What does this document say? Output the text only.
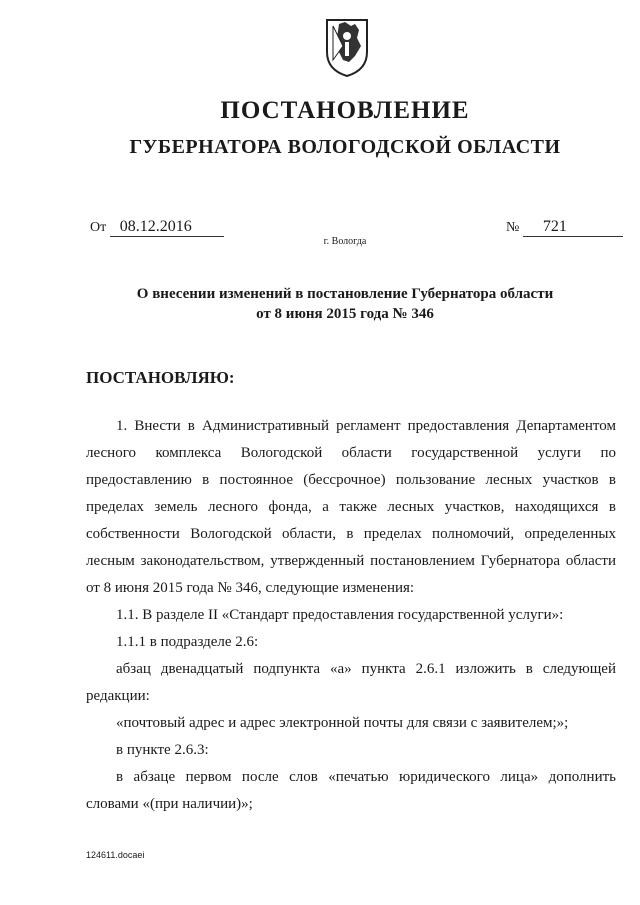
ПОСТАНОВЛЕНИЕ
ГУБЕРНАТОРА ВОЛОГОДСКОЙ ОБЛАСТИ
От 08.12.2016	№ 721
г. Вологда
О внесении изменений в постановление Губернатора области
от 8 июня 2015 года № 346
ПОСТАНОВЛЯЮ:

1. Внести в Административный регламент предоставления Департаментом лесного комплекса Вологодской области государственной услуги по предоставлению в постоянное (бессрочное) пользование лесных участков в пределах земель лесного фонда, а также лесных участков, находящихся в собственности Вологодской области, в пределах полномочий, определенных лесным законодательством, утвержденный постановлением Губернатора области от 8 июня 2015 года № 346, следующие изменения:

1.1. В разделе II «Стандарт предоставления государственной услуги»:

1.1.1 в подразделе 2.6:

абзац двенадцатый подпункта «а» пункта 2.6.1 изложить в следующей редакции:

«почтовый адрес и адрес электронной почты для связи с заявителем;»;

в пункте 2.6.3:

в абзаце первом после слов «печатью юридического лица» дополнить словами «(при наличии)»;

124611.docaei
